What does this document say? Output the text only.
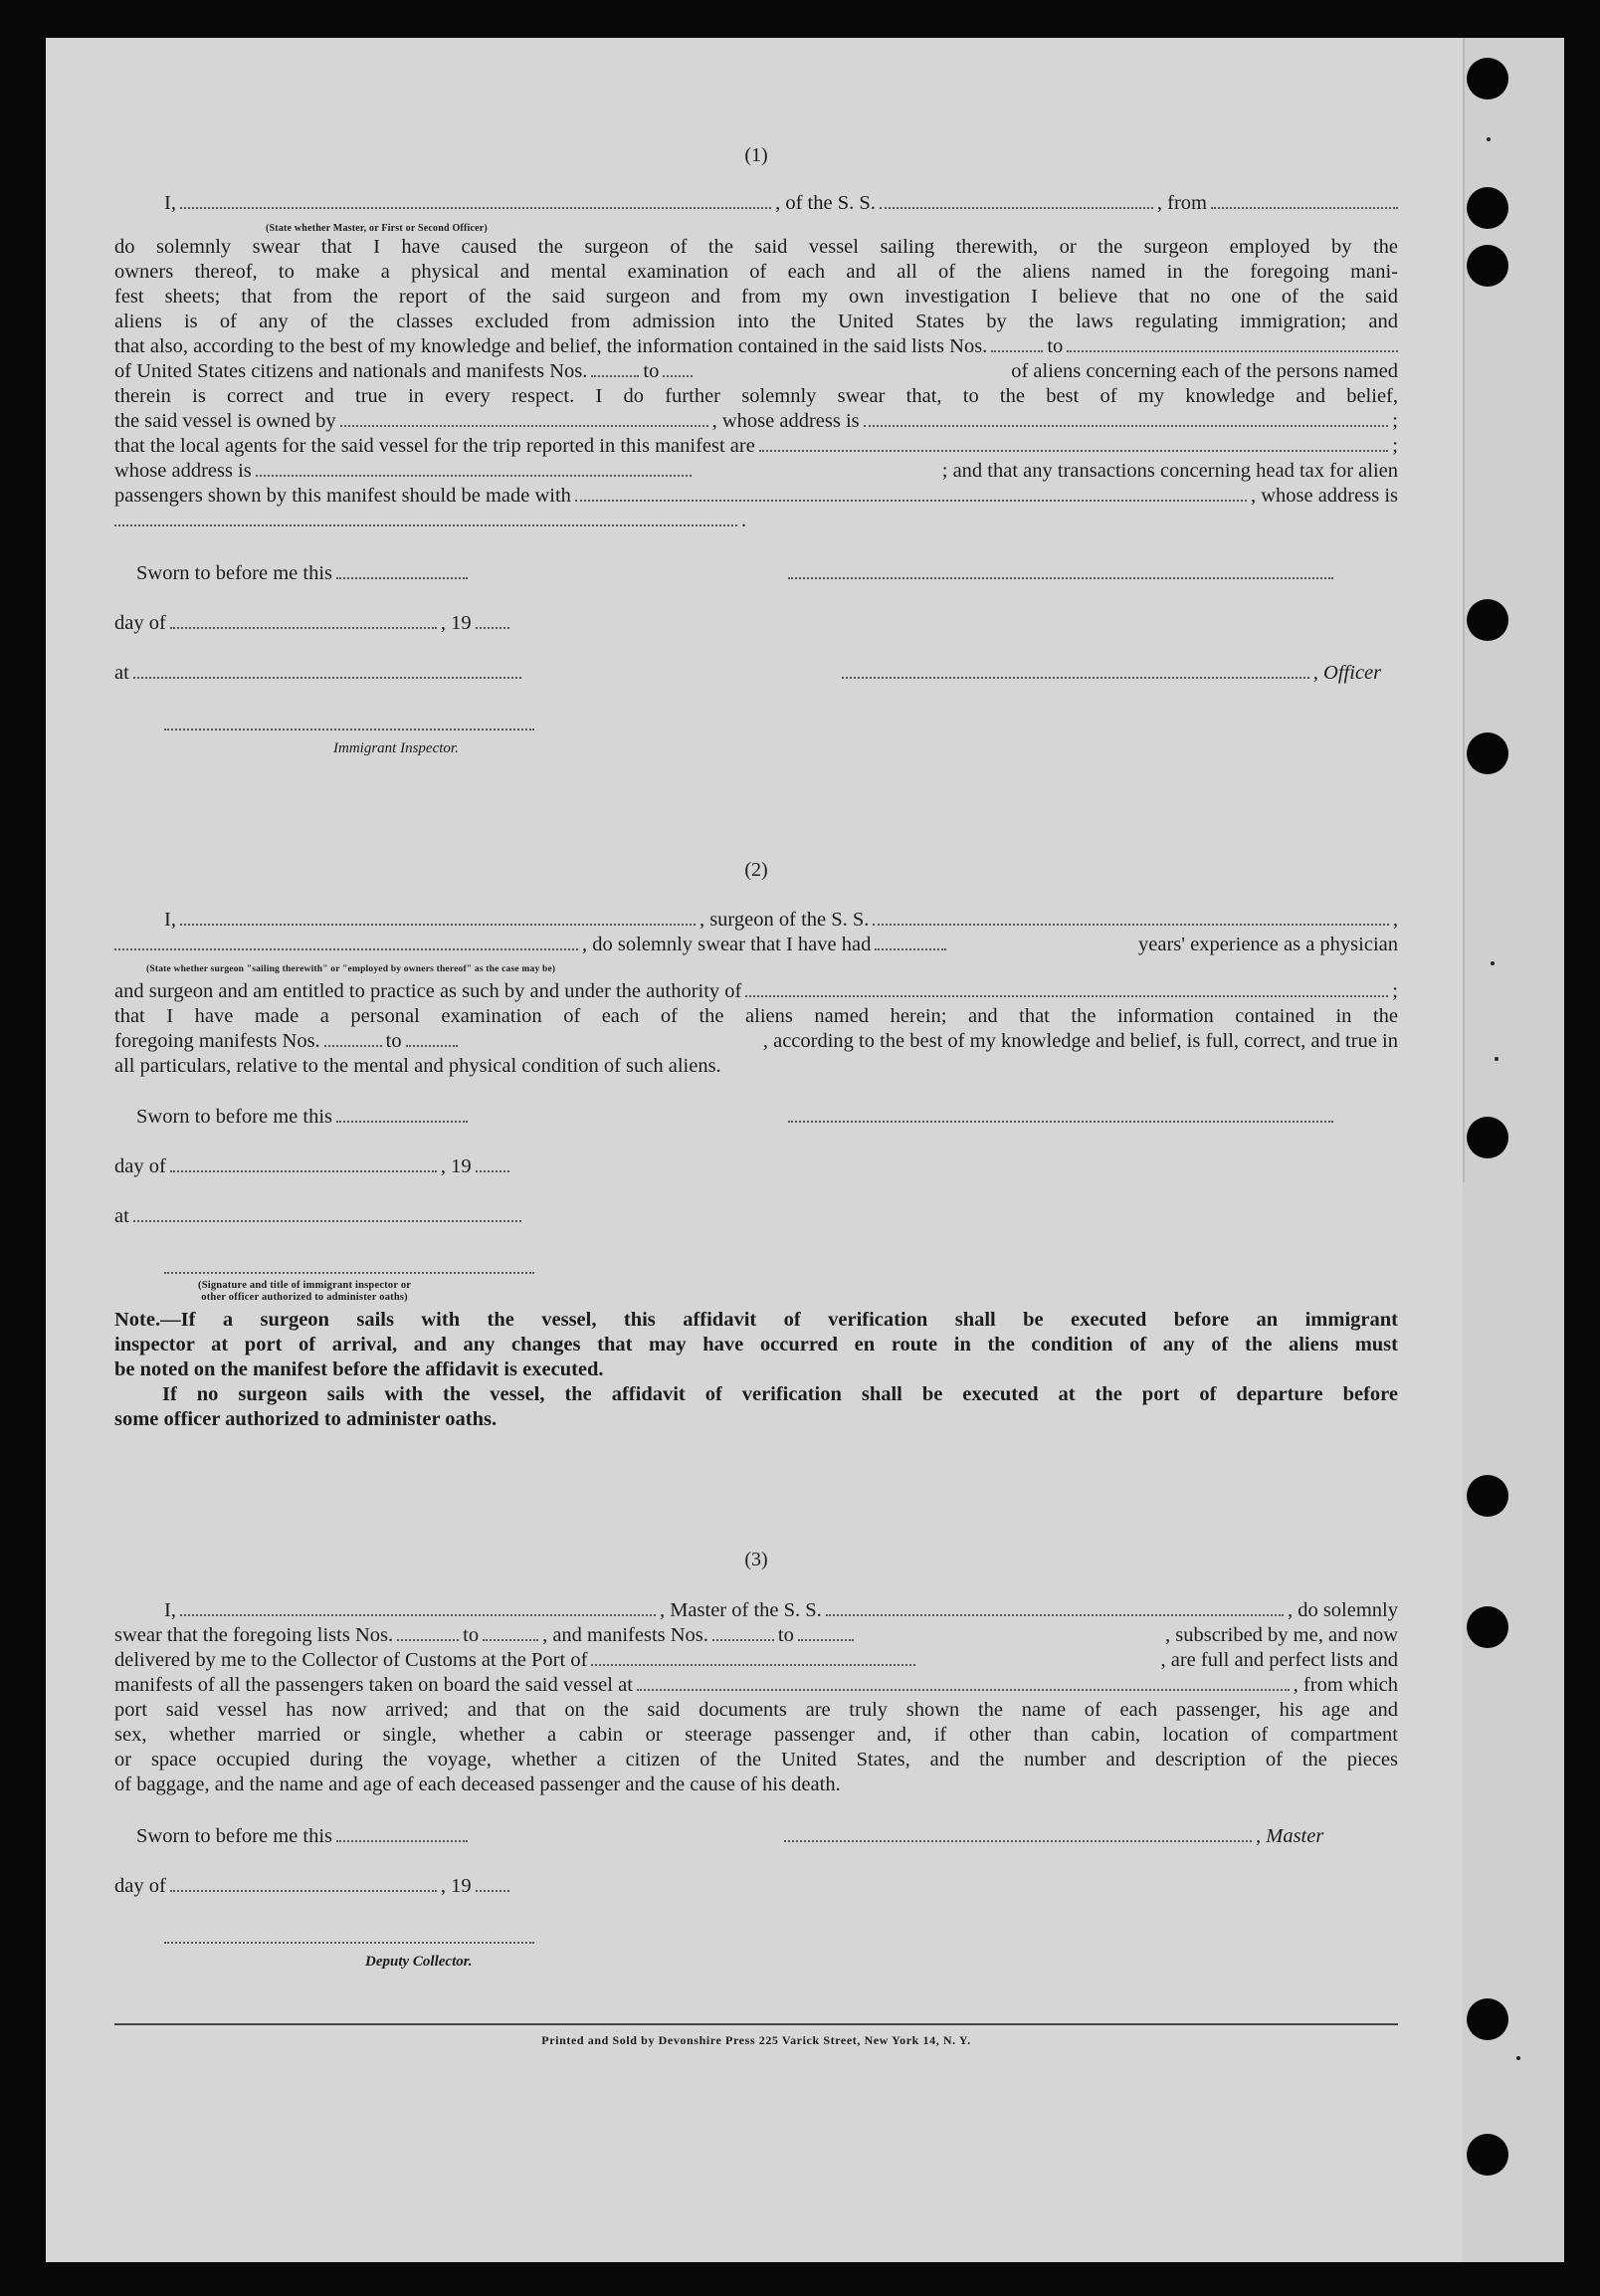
(1)
I,	, of the S. S.	, from
(State whether Master, or First or Second Officer)
do solemnly swear that I have caused the surgeon of the said vessel sailing therewith, or the surgeon employed by the
owners thereof, to make a physical and mental examination of each and all of the aliens named in the foregoing mani-
fest sheets; that from the report of the said surgeon and from my own investigation I believe that no one of the said
aliens is of any of the classes excluded from admission into the United States by the laws regulating immigration; and
that also, according to the best of my knowledge and belief, the information contained in the said lists Nos.	to
of United States citizens and nationals and manifests Nos.	to	of aliens concerning each of the persons named
therein is correct and true in every respect. I do further solemnly swear that, to the best of my knowledge and belief,
the said vessel is owned by	, whose address is	;
that the local agents for the said vessel for the trip reported in this manifest are	;
whose address is	; and that any transactions concerning head tax for alien
passengers shown by this manifest should be made with	, whose address is
.
Sworn to before me this
day of	, 19
at	, Officer
Immigrant Inspector.
(2)
I,	, surgeon of the S. S.	,
, do solemnly swear that I have had	years' experience as a physician
(State whether surgeon "sailing therewith" or "employed by owners thereof" as the case may be)
and surgeon and am entitled to practice as such by and under the authority of	;
that I have made a personal examination of each of the aliens named herein; and that the information contained in the
foregoing manifests Nos.	to	, according to the best of my knowledge and belief, is full, correct, and true in
all particulars, relative to the mental and physical condition of such aliens.
Sworn to before me this
day of	, 19
at
(Signature and title of immigrant inspector or
other officer authorized to administer oaths)
Note.—If a surgeon sails with the vessel, this affidavit of verification shall be executed before an immigrant
inspector at port of arrival, and any changes that may have occurred en route in the condition of any of the aliens must
be noted on the manifest before the affidavit is executed.
If no surgeon sails with the vessel, the affidavit of verification shall be executed at the port of departure before
some officer authorized to administer oaths.
(3)
I,	, Master of the S. S.	, do solemnly
swear that the foregoing lists Nos.	to	, and manifests Nos.	to	, subscribed by me, and now
delivered by me to the Collector of Customs at the Port of	, are full and perfect lists and
manifests of all the passengers taken on board the said vessel at	, from which
port said vessel has now arrived; and that on the said documents are truly shown the name of each passenger, his age and
sex, whether married or single, whether a cabin or steerage passenger and, if other than cabin, location of compartment
or space occupied during the voyage, whether a citizen of the United States, and the number and description of the pieces
of baggage, and the name and age of each deceased passenger and the cause of his death.
Sworn to before me this	, Master
day of	, 19
Deputy Collector.
Printed and Sold by Devonshire Press 225 Varick Street, New York 14, N. Y.
